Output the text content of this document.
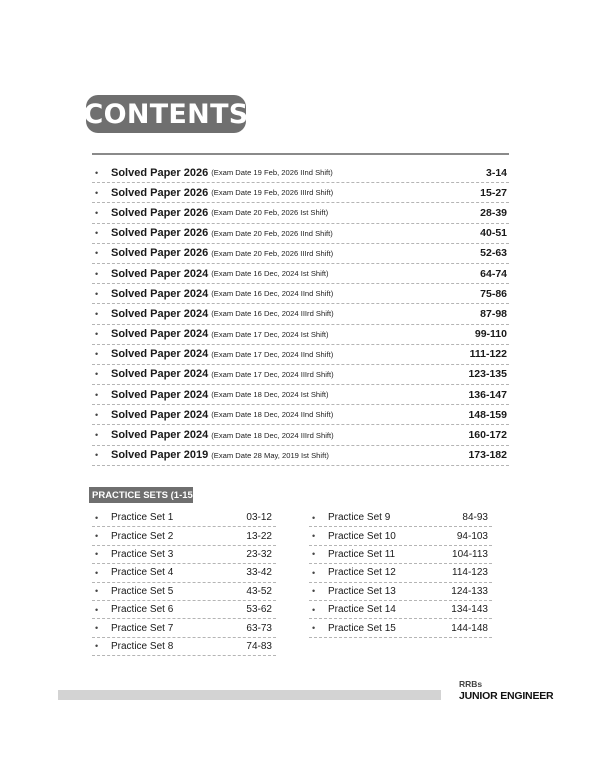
CONTENTS
•	Solved Paper 2026 (Exam Date 19 Feb, 2026 IInd Shift)	3-14
•	Solved Paper 2026 (Exam Date 19 Feb, 2026 IIIrd Shift)	15-27
•	Solved Paper 2026 (Exam Date 20 Feb, 2026 Ist Shift)	28-39
•	Solved Paper 2026 (Exam Date 20 Feb, 2026 IInd Shift)	40-51
•	Solved Paper 2026 (Exam Date 20 Feb, 2026 IIIrd Shift)	52-63
•	Solved Paper 2024 (Exam Date 16 Dec, 2024 Ist Shift)	64-74
•	Solved Paper 2024 (Exam Date 16 Dec, 2024 IInd Shift)	75-86
•	Solved Paper 2024 (Exam Date 16 Dec, 2024 IIIrd Shift)	87-98
•	Solved Paper 2024 (Exam Date 17 Dec, 2024 Ist Shift)	99-110
•	Solved Paper 2024 (Exam Date 17 Dec, 2024 IInd Shift)	111-122
•	Solved Paper 2024 (Exam Date 17 Dec, 2024 IIIrd Shift)	123-135
•	Solved Paper 2024 (Exam Date 18 Dec, 2024 Ist Shift)	136-147
•	Solved Paper 2024 (Exam Date 18 Dec, 2024 IInd Shift)	148-159
•	Solved Paper 2024 (Exam Date 18 Dec, 2024 IIIrd Shift)	160-172
•	Solved Paper 2019 (Exam Date 28 May, 2019 Ist Shift)	173-182
PRACTICE SETS (1-15)
•	Practice Set 1	03-12
•	Practice Set 2	13-22
•	Practice Set 3	23-32
•	Practice Set 4	33-42
•	Practice Set 5	43-52
•	Practice Set 6	53-62
•	Practice Set 7	63-73
•	Practice Set 8	74-83
•	Practice Set 9	84-93
•	Practice Set 10	94-103
•	Practice Set 11	104-113
•	Practice Set 12	114-123
•	Practice Set 13	124-133
•	Practice Set 14	134-143
•	Practice Set 15	144-148
RRBs
JUNIOR ENGINEER
